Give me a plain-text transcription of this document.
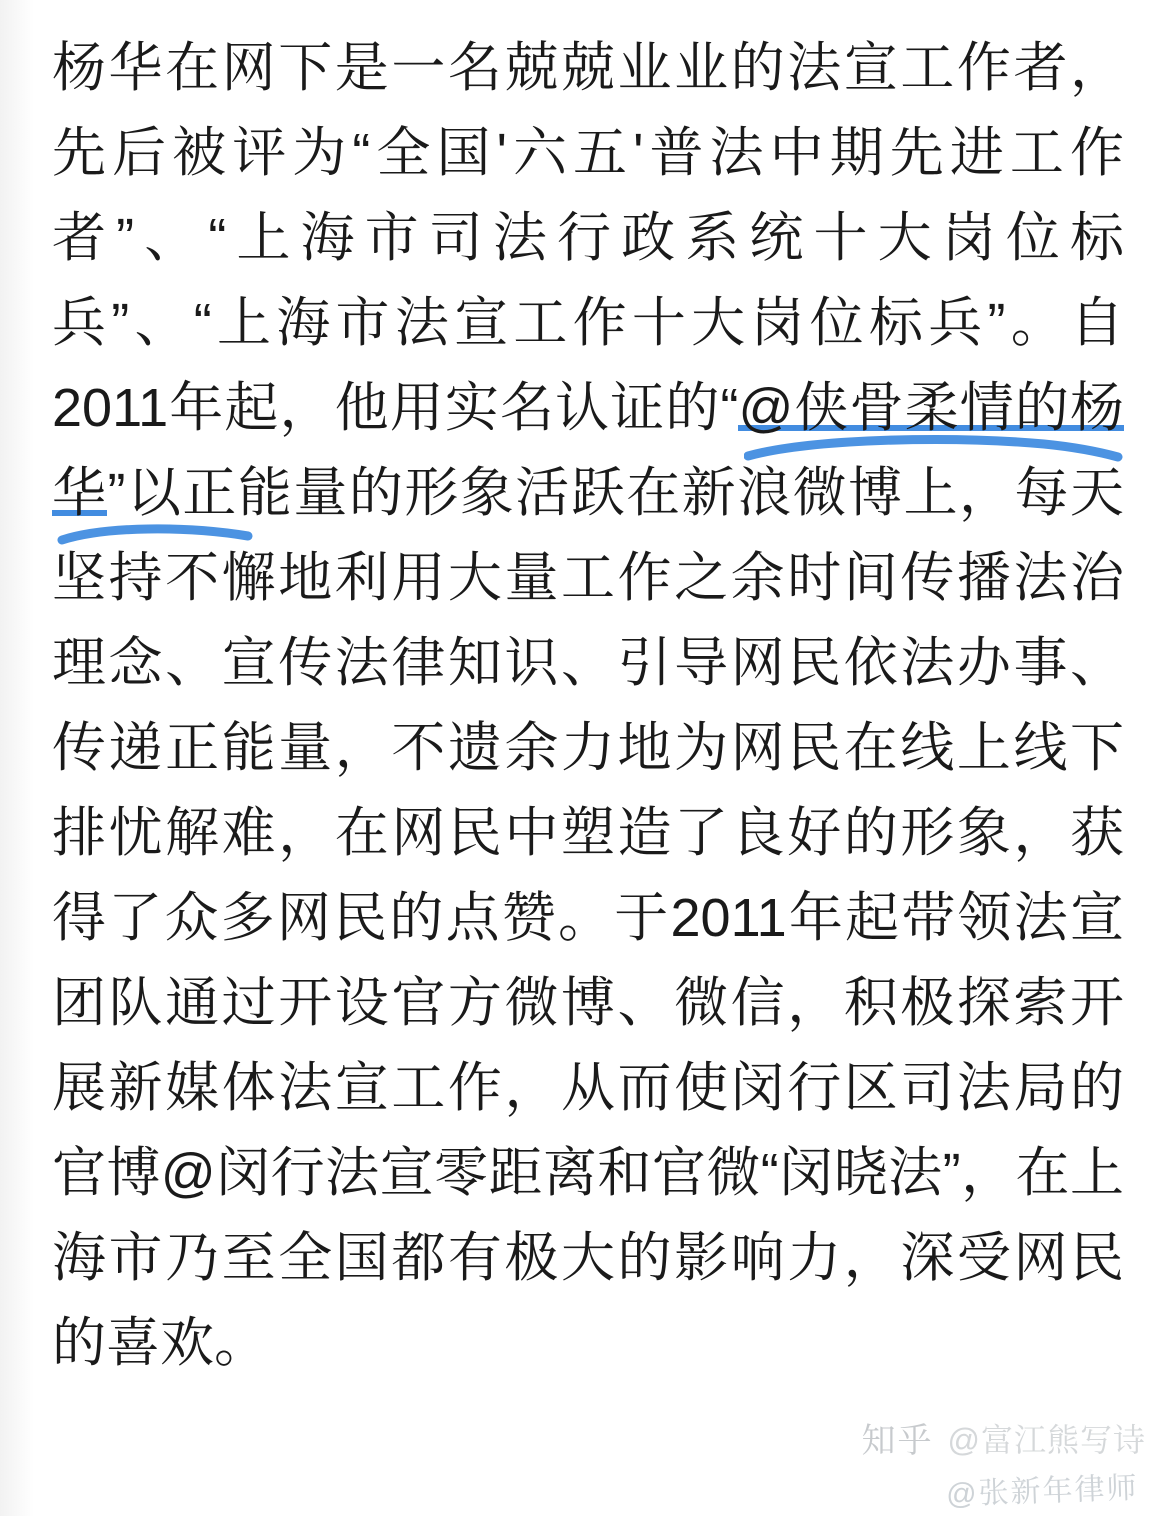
杨华在网下是一名兢兢业业的法宣工作者，先后被评为“全国'六五'普法中期先进工作者”、“上海市司法行政系统十大岗位标兵”、“上海市法宣工作十大岗位标兵”。自2011年起，他用实名认证的“@侠骨柔情的杨华”以正能量的形象活跃在新浪微博上，每天坚持不懈地利用大量工作之余时间传播法治理念、宣传法律知识、引导网民依法办事、传递正能量，不遗余力地为网民在线上线下排忧解难，在网民中塑造了良好的形象，获得了众多网民的点赞。于2011年起带领法宣团队通过开设官方微博、微信，积极探索开展新媒体法宣工作，从而使闵行区司法局的官博@闵行法宣零距离和官微“闵晓法”，在上海市乃至全国都有极大的影响力，深受网民的喜欢。

知乎 @富江熊写诗
@张新年律师
